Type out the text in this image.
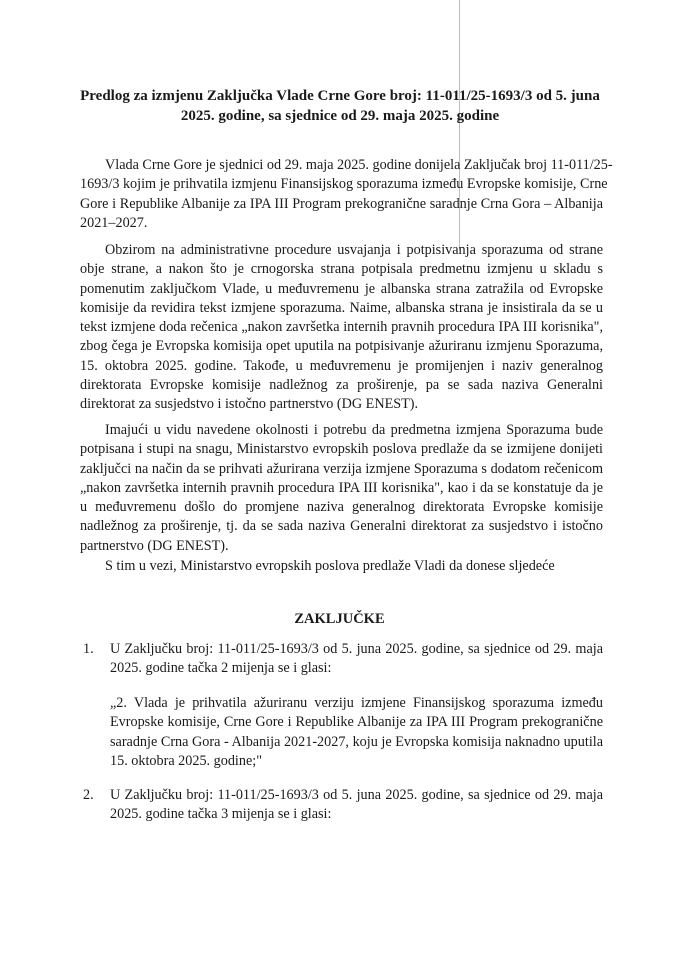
Predlog za izmjenu Zaključka Vlade Crne Gore broj: 11-011/25-1693/3 od 5. juna
2025. godine, sa sjednice od 29. maja 2025. godine
Vlada Crne Gore je sjednici od 29. maja 2025. godine donijela Zaključak broj 11-011/25-
1693/3 kojim je prihvatila izmjenu Finansijskog sporazuma između Evropske komisije, Crne
Gore i Republike Albanije za IPA III Program prekogranične saradnje Crna Gora – Albanija
2021–2027.
Obzirom na administrativne procedure usvajanja i potpisivanja sporazuma od strane
obje strane, a nakon što je crnogorska strana potpisala predmetnu izmjenu u skladu s
pomenutim zaključkom Vlade, u međuvremenu je albanska strana zatražila od Evropske
komisije da revidira tekst izmjene sporazuma. Naime, albanska strana je insistirala da se u
tekst izmjene doda rečenica „nakon završetka internih pravnih procedura IPA III korisnika",
zbog čega je Evropska komisija opet uputila na potpisivanje ažuriranu izmjenu Sporazuma,
15. oktobra 2025. godine. Takođe, u međuvremenu je promijenjen i naziv generalnog
direktorata Evropske komisije nadležnog za proširenje, pa se sada naziva Generalni
direktorat za susjedstvo i istočno partnerstvo (DG ENEST).
Imajući u vidu navedene okolnosti i potrebu da predmetna izmjena Sporazuma bude
potpisana i stupi na snagu, Ministarstvo evropskih poslova predlaže da se izmijene donijeti
zaključci na način da se prihvati ažurirana verzija izmjene Sporazuma s dodatom rečenicom
„nakon završetka internih pravnih procedura IPA III korisnika", kao i da se konstatuje da je
u međuvremenu došlo do promjene naziva generalnog direktorata Evropske komisije
nadležnog za proširenje, tj. da se sada naziva Generalni direktorat za susjedstvo i istočno
partnerstvo (DG ENEST).
S tim u vezi, Ministarstvo evropskih poslova predlaže Vladi da donese sljedeće
ZAKLJUČKE
1. U Zaključku broj: 11-011/25-1693/3 od 5. juna 2025. godine, sa sjednice od 29. maja
2025. godine tačka 2 mijenja se i glasi:
„2. Vlada je prihvatila ažuriranu verziju izmjene Finansijskog sporazuma između
Evropske komisije, Crne Gore i Republike Albanije za IPA III Program prekogranične
saradnje Crna Gora - Albanija 2021-2027, koju je Evropska komisija naknadno uputila
15. oktobra 2025. godine;"
2. U Zaključku broj: 11-011/25-1693/3 od 5. juna 2025. godine, sa sjednice od 29. maja
2025. godine tačka 3 mijenja se i glasi:
